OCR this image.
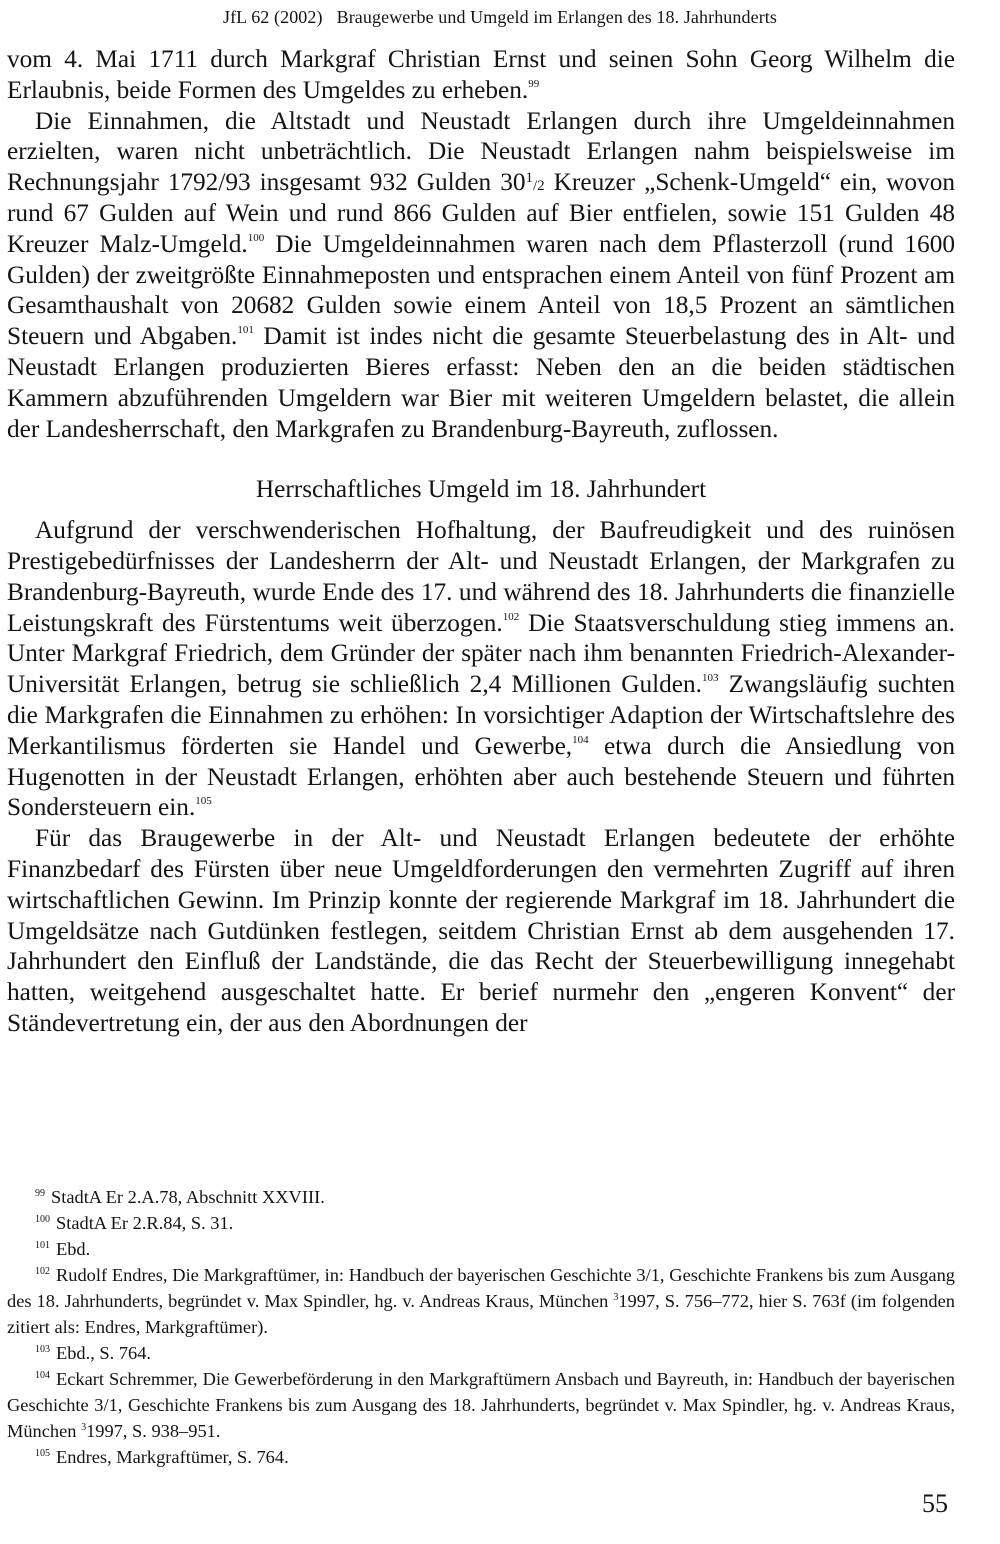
JfL 62 (2002) Braugewerbe und Umgeld im Erlangen des 18. Jahrhunderts

vom 4. Mai 1711 durch Markgraf Christian Ernst und seinen Sohn Georg Wilhelm die Erlaubnis, beide Formen des Umgeldes zu erheben.$^{99}$

Die Einnahmen, die Altstadt und Neustadt Erlangen durch ihre Umgeldeinnahmen erzielten, waren nicht unbeträchtlich. Die Neustadt Erlangen nahm beispielsweise im Rechnungsjahr 1792/93 insgesamt 932 Gulden $30^1/2$ Kreuzer „Schenk-Umgeld“ ein, wovon rund 67 Gulden auf Wein und rund 866 Gulden auf Bier entfielen, sowie 151 Gulden 48 Kreuzer Malz-Umgeld.$^{100}$ Die Umgeldeinnahmen waren nach dem Pflasterzoll (rund 1600 Gulden) der zweitgrößte Einnahmeposten und entsprachen einem Anteil von fünf Prozent am Gesamthaushalt von 20682 Gulden sowie einem Anteil von 18,5 Prozent an sämtlichen Steuern und Abgaben.$^{101}$ Damit ist indes nicht die gesamte Steuerbelastung des in Alt- und Neustadt Erlangen produzierten Bieres erfasst: Neben den an die beiden städtischen Kammern abzuführenden Umgeldern war Bier mit weiteren Umgeldern belastet, die allein der Landesherrschaft, den Markgrafen zu Brandenburg-Bayreuth, zuflossen.

Herrschaftliches Umgeld im 18. Jahrhundert

Aufgrund der verschwenderischen Hofhaltung, der Baufreudigkeit und des ruinösen Prestigebedürfnisses der Landesherrn der Alt- und Neustadt Erlangen, der Markgrafen zu Brandenburg-Bayreuth, wurde Ende des 17. und während des 18. Jahrhunderts die finanzielle Leistungskraft des Fürstentums weit überzogen.$^{102}$ Die Staatsverschuldung stieg immens an. Unter Markgraf Friedrich, dem Gründer der später nach ihm benannten Friedrich-Alexander-Universität Erlangen, betrug sie schließlich 2,4 Millionen Gulden.$^{103}$ Zwangsläufig suchten die Markgrafen die Einnahmen zu erhöhen: In vorsichtiger Adaption der Wirtschaftslehre des Merkantilismus förderten sie Handel und Gewerbe,$^{104}$ etwa durch die Ansiedlung von Hugenotten in der Neustadt Erlangen, erhöhten aber auch bestehende Steuern und führten Sondersteuern ein.$^{105}$

Für das Braugewerbe in der Alt- und Neustadt Erlangen bedeutete der erhöhte Finanzbedarf des Fürsten über neue Umgeldforderungen den vermehrten Zugriff auf ihren wirtschaftlichen Gewinn. Im Prinzip konnte der regierende Markgraf im 18. Jahrhundert die Umgeldsätze nach Gutdünken festlegen, seitdem Christian Ernst ab dem ausgehenden 17. Jahrhundert den Einfluß der Landstände, die das Recht der Steuerbewilligung innegehabt hatten, weitgehend ausgeschaltet hatte. Er berief nurmehr den „engeren Konvent“ der Ständevertretung ein, der aus den Abordnungen der

$^{99}$ StadtA Er 2.A.78, Abschnitt XXVIII.

$^{100}$ StadtA Er 2.R.84, S. 31.

$^{101}$ Ebd.

$^{102}$ Rudolf Endres, Die Markgraftümer, in: Handbuch der bayerischen Geschichte 3/1, Geschichte Frankens bis zum Ausgang des 18. Jahrhunderts, begründet v. Max Spindler, hg. v. Andreas Kraus, München $^3$1997, S. 756–772, hier S. 763f (im folgenden zitiert als: Endres, Markgraftümer).

$^{103}$ Ebd., S. 764.

$^{104}$ Eckart Schremmer, Die Gewerbeförderung in den Markgraftümern Ansbach und Bayreuth, in: Handbuch der bayerischen Geschichte 3/1, Geschichte Frankens bis zum Ausgang des 18. Jahrhunderts, begründet v. Max Spindler, hg. v. Andreas Kraus, München $^3$1997, S. 938–951.

$^{105}$ Endres, Markgraftümer, S. 764.

55
